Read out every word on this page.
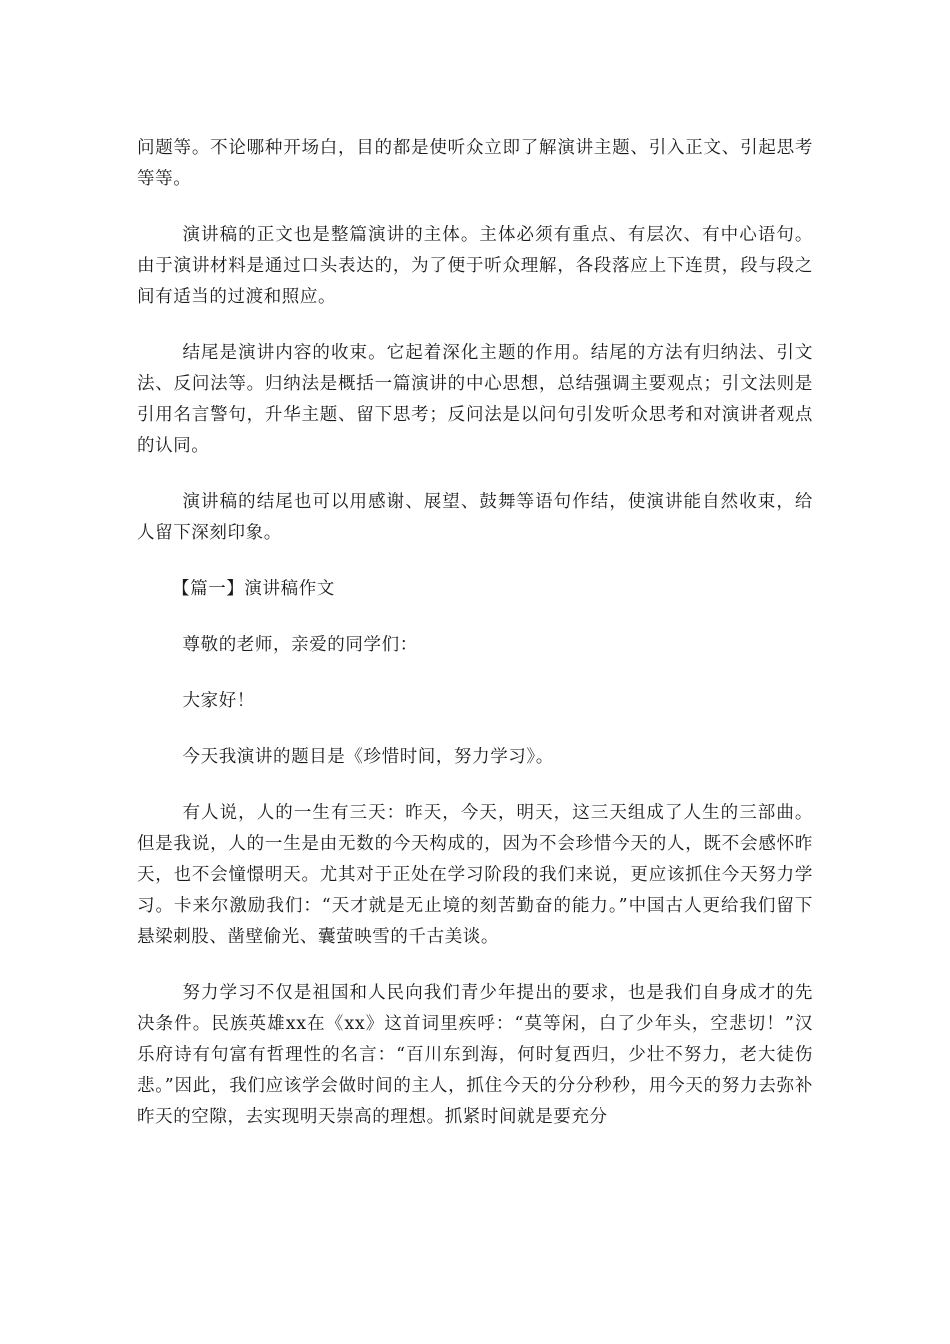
问题等。不论哪种开场白，目的都是使听众立即了解演讲主题、引入正文、引起思考等等。

演讲稿的正文也是整篇演讲的主体。主体必须有重点、有层次、有中心语句。由于演讲材料是通过口头表达的，为了便于听众理解，各段落应上下连贯，段与段之间有适当的过渡和照应。

结尾是演讲内容的收束。它起着深化主题的作用。结尾的方法有归纳法、引文法、反问法等。归纳法是概括一篇演讲的中心思想，总结强调主要观点；引文法则是引用名言警句，升华主题、留下思考；反问法是以问句引发听众思考和对演讲者观点的认同。

演讲稿的结尾也可以用感谢、展望、鼓舞等语句作结，使演讲能自然收束，给人留下深刻印象。

【篇一】演讲稿作文

尊敬的老师，亲爱的同学们：

大家好！

今天我演讲的题目是《珍惜时间，努力学习》。

有人说，人的一生有三天：昨天，今天，明天，这三天组成了人生的三部曲。但是我说，人的一生是由无数的今天构成的，因为不会珍惜今天的人，既不会感怀昨天，也不会憧憬明天。尤其对于正处在学习阶段的我们来说，更应该抓住今天努力学习。卡来尔激励我们：“天才就是无止境的刻苦勤奋的能力。”中国古人更给我们留下悬梁刺股、凿壁偷光、囊萤映雪的千古美谈。

努力学习不仅是祖国和人民向我们青少年提出的要求，也是我们自身成才的先决条件。民族英雄xx在《xx》这首词里疾呼：“莫等闲，白了少年头，空悲切！”汉乐府诗有句富有哲理性的名言：“百川东到海，何时复西归，少壮不努力，老大徒伤悲。”因此，我们应该学会做时间的主人，抓住今天的分分秒秒，用今天的努力去弥补昨天的空隙，去实现明天崇高的理想。抓紧时间就是要充分
